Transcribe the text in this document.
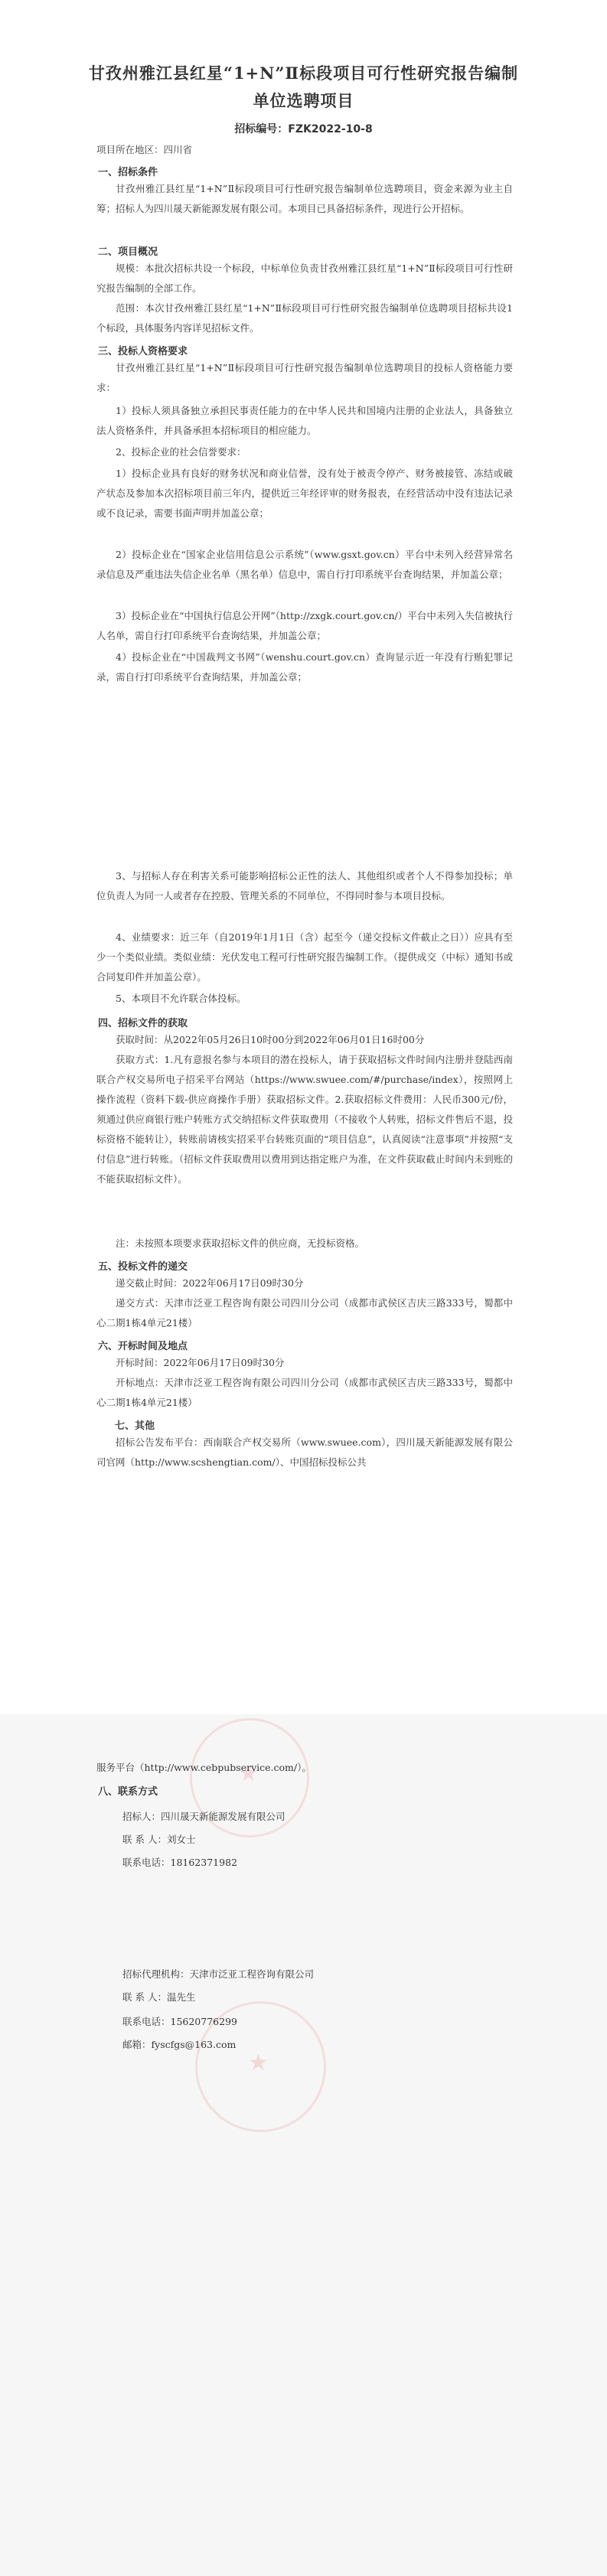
甘孜州雅江县红星“1+N”Ⅱ标段项目可行性研究报告编制
单位选聘项目
招标编号：FZK2022-10-8
项目所在地区：四川省
一、招标条件
甘孜州雅江县红星“1+N”Ⅱ标段项目可行性研究报告编制单位选聘项目，资金来源为业主自筹；招标人为四川晟天新能源发展有限公司。本项目已具备招标条件，现进行公开招标。
二、项目概况
规模：本批次招标共设一个标段，中标单位负责甘孜州雅江县红星“1+N”Ⅱ标段项目可行性研究报告编制的全部工作。
范围：本次甘孜州雅江县红星“1+N”Ⅱ标段项目可行性研究报告编制单位选聘项目招标共设1个标段，具体服务内容详见招标文件。
三、投标人资格要求
甘孜州雅江县红星“1+N”Ⅱ标段项目可行性研究报告编制单位选聘项目的投标人资格能力要求：
1）投标人须具备独立承担民事责任能力的在中华人民共和国境内注册的企业法人，具备独立法人资格条件，并具备承担本招标项目的相应能力。
2、投标企业的社会信誉要求：
1）投标企业具有良好的财务状况和商业信誉，没有处于被责令停产、财务被接管、冻结或破产状态及参加本次招标项目前三年内，提供近三年经评审的财务报表，在经营活动中没有违法记录或不良记录，需要书面声明并加盖公章；
2）投标企业在“国家企业信用信息公示系统”（www.gsxt.gov.cn）平台中未列入经营异常名录信息及严重违法失信企业名单（黑名单）信息中，需自行打印系统平台查询结果，并加盖公章；
3）投标企业在“中国执行信息公开网”（http://zxgk.court.gov.cn/）平台中未列入失信被执行人名单，需自行打印系统平台查询结果，并加盖公章；
4）投标企业在“中国裁判文书网”（wenshu.court.gov.cn）查询显示近一年没有行贿犯罪记录，需自行打印系统平台查询结果，并加盖公章；
3、与招标人存在利害关系可能影响招标公正性的法人、其他组织或者个人不得参加投标；单位负责人为同一人或者存在控股、管理关系的不同单位，不得同时参与本项目投标。
4、业绩要求：近三年（自2019年1月1日（含）起至今（递交投标文件截止之日））应具有至少一个类似业绩。类似业绩：光伏发电工程可行性研究报告编制工作。（提供成交（中标）通知书或合同复印件并加盖公章）。
5、本项目不允许联合体投标。
四、招标文件的获取
获取时间：从2022年05月26日10时00分到2022年06月01日16时00分
获取方式：1.凡有意报名参与本项目的潜在投标人，请于获取招标文件时间内注册并登陆西南联合产权交易所电子招采平台网站（https://www.swuee.com/#/purchase/index），按照网上操作流程（资料下载-供应商操作手册）获取招标文件。2.获取招标文件费用：人民币300元/份，须通过供应商银行账户转账方式交纳招标文件获取费用（不接收个人转账，招标文件售后不退，投标资格不能转让），转账前请核实招采平台转账页面的“项目信息”，认真阅读“注意事项”并按照“支付信息”进行转账。（招标文件获取费用以费用到达指定账户为准，在文件获取截止时间内未到账的不能获取招标文件）。
注：未按照本项要求获取招标文件的供应商，无投标资格。
五、投标文件的递交
递交截止时间：2022年06月17日09时30分
递交方式：天津市泛亚工程咨询有限公司四川分公司（成都市武侯区吉庆三路333号，蜀都中心二期1栋4单元21楼）
六、开标时间及地点
开标时间：2022年06月17日09时30分
开标地点：天津市泛亚工程咨询有限公司四川分公司（成都市武侯区吉庆三路333号，蜀都中心二期1栋4单元21楼）
七、其他
招标公告发布平台：西南联合产权交易所（www.swuee.com），四川晟天新能源发展有限公司官网（http://www.scshengtian.com/）、中国招标投标公共
★
★
服务平台（http://www.cebpubservice.com/）。
八、联系方式
招标人：四川晟天新能源发展有限公司
联 系 人：刘女士
联系电话：18162371982
招标代理机构：天津市泛亚工程咨询有限公司
联 系 人：温先生
联系电话：15620776299
邮箱：fyscfgs@163.com
